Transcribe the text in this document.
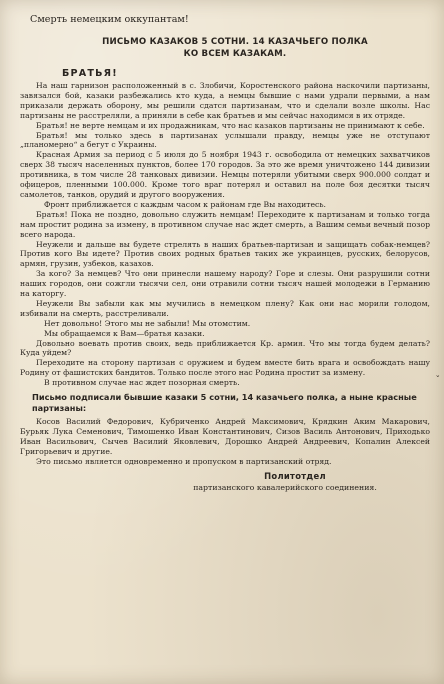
Смерть немецким оккупантам!
ПИСЬМО КАЗАКОВ 5 СОТНИ. 14 КАЗАЧЬЕГО ПОЛКА
КО ВСЕМ КАЗАКАМ.
БРАТЬЯ!

На наш гарнизон расположенный в с. Злобичи, Коростенского района наскочили партизаны, завязался бой, казаки разбежались кто куда, а немцы бывшие с нами удрали первыми, а нам приказали держать оборону, мы решили сдатся партизанам, что и сделали возле школы. Нас партизаны не расстреляли, а приняли в себе как братьев и мы сейчас находимся в их отряде.

Братья! не верте немцам и их продажникам, что нас казаков партизаны не принимают к себе.

Братья! мы только здесь в партизанах услышали правду, немцы уже не отступают „планомерно“ а бегут с Украины.

Красная Армия за период с 5 июля до 5 ноября 1943 г. освободила от немецких захватчиков сверх 38 тысяч населенных пунктов, более 170 городов. За это же время уничтожено 144 дивизии противника, в том числе 28 танковых дивизии. Немцы потеряли убитыми сверх 900.000 солдат и офицеров, пленными 100.000. Кроме того враг потерял и оставил на поле боя десятки тысяч самолетов, танков, орудий и другого вооружения.

Фронт приближается с каждым часом к районам где Вы находитесь.

Братья! Пока не поздно, довольно служить немцам! Переходите к партизанам и только тогда нам простит родина за измену, в противном случае нас ждет смерть, а Вашим семьи вечный позор всего народа.

Неужели и дальше вы будете стрелять в наших братьев-партизан и защищать собак-немцев? Против кого Вы идете? Против своих родных братьев таких же украинцев, русских, белорусов, армян, грузин, узбеков, казахов.

За кого? За немцев? Что они принесли нашему народу? Горе и слезы. Они разрушили сотни наших городов, они сожгли тысячи сел, они отравили сотни тысяч нашей молодежи в Германию на каторгу.

Неужели Вы забыли как мы мучились в немецком плену? Как они нас морили голодом, избивали на смерть, расстреливали.

Нет довольно! Этого мы не забыли! Мы отомстим.

Мы обращаемся к Вам—братья казаки.

Довольно воевать против своих, ведь приближается Кр. армия. Что мы тогда будем делать? Куда уйдем?

Переходите на сторону партизан с оружием и будем вместе бить врага и освобождать нашу Родину от фашистских бандитов. Только после этого нас Родина простит за измену.

В противном случае нас ждет позорная смерть.

Письмо подписали бывшие казаки 5 сотни, 14 казачьего полка, а ныне красные партизаны:

Косов Василий Федорович, Кубриченко Андрей Максимович, Крядкин Аким Макарович, Бурьяк Лука Семенович, Тимошенко Иван Константинович, Сизов Василь Антонович, Приходько Иван Васильович, Сычев Василий Яковлевич, Дорошко Андрей Андреевич, Копалин Алексей Григорьевич и другие.

Это письмо является одновременно и пропуском в партизанский отряд.

Политотдел
партизанского кавалерийского соединения.
ˇ
